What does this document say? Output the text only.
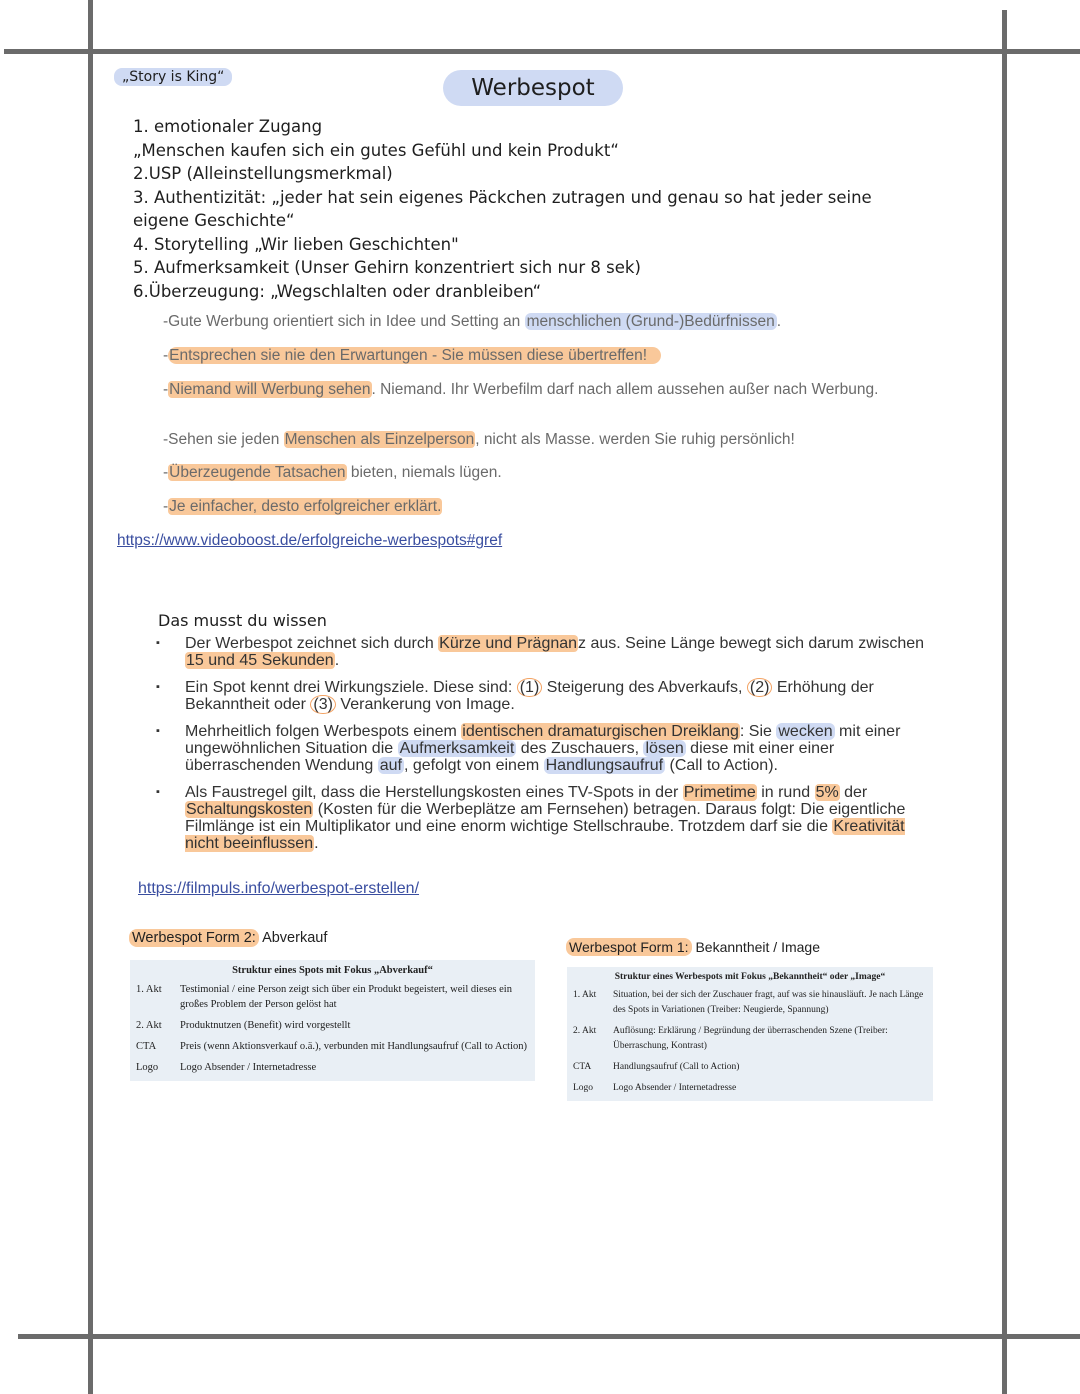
„Story is King“	Werbespot
1. emotionaler Zugang
„Menschen kaufen sich ein gutes Gefühl und kein Produkt“
2.USP (Alleinstellungsmerkmal)
3. Authentizität: „jeder hat sein eigenes Päckchen zutragen und genau so hat jeder seine eigene Geschichte“
4. Storytelling „Wir lieben Geschichten"
5. Aufmerksamkeit (Unser Gehirn konzentriert sich nur 8 sek)
6.Überzeugung: „Wegschlalten oder dranbleiben“
-Gute Werbung orientiert sich in Idee und Setting an menschlichen (Grund-)Bedürfnissen .
-Entsprechen sie nie den Erwartungen - Sie müssen diese übertreffen!
-Niemand will Werbung sehen. Niemand. Ihr Werbefilm darf nach allem aussehen außer nach Werbung.
-Sehen sie jeden Menschen als Einzelperson, nicht als Masse. werden Sie ruhig persönlich!
-Überzeugende Tatsachen bieten, niemals lügen.
-Je einfacher, desto erfolgreicher erklärt.
https://www.videoboost.de/erfolgreiche-werbespots#gref
Das musst du wissen
▪ Der Werbespot zeichnet sich durch Kürze und Prägnanz aus. Seine Länge bewegt sich darum zwischen 15 und 45 Sekunden.
▪ Ein Spot kennt drei Wirkungsziele. Diese sind: (1) Steigerung des Abverkaufs, (2) Erhöhung der Bekanntheit oder (3) Verankerung von Image.
▪ Mehrheitlich folgen Werbespots einem identischen dramaturgischen Dreiklang: Sie wecken mit einer ungewöhnlichen Situation die Aufmerksamkeit des Zuschauers, lösen diese mit einer einer überraschenden Wendung auf , gefolgt von einem Handlungsaufruf (Call to Action).
▪ Als Faustregel gilt, dass die Herstellungskosten eines TV-Spots in der Primetime in rund 5% der Schaltungskosten (Kosten für die Werbeplätze am Fernsehen) betragen. Daraus folgt: Die eigentliche Filmlänge ist ein Multiplikator und eine enorm wichtige Stellschraube. Trotzdem darf sie die Kreativität nicht beeinflussen.
https://filmpuls.info/werbespot-erstellen/
Werbespot Form 2: Abverkauf
Struktur eines Spots mit Fokus „Abverkauf“	
1. Akt	Testimonial / eine Person zeigt sich über ein Produkt begeistert, weil dieses ein großes Problem der Person gelöst hat
2. Akt	Produktnutzen (Benefit) wird vorgestellt
CTA	Preis (wenn Aktionsverkauf o.ä.), verbunden mit Handlungsaufruf (Call to Action)
Logo	Logo Absender / Internetadresse
Werbespot Form 1: Bekanntheit / Image
Struktur eines Werbespots mit Fokus „Bekanntheit“ oder „Image“	
1. Akt	Situation, bei der sich der Zuschauer fragt, auf was sie hinausläuft. Je nach Länge des Spots in Variationen (Treiber: Neugierde, Spannung)
2. Akt	Auflösung: Erklärung / Begründung der überraschenden Szene (Treiber: Überraschung, Kontrast)
CTA	Handlungsaufruf (Call to Action)
Logo	Logo Absender / Internetadresse
